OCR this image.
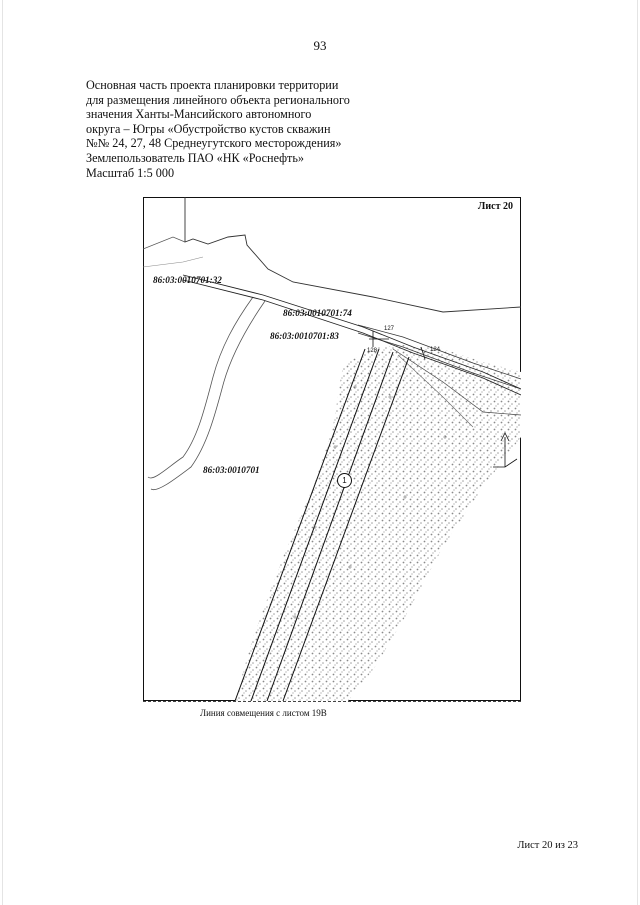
93
Основная часть проекта планировки территории
для размещения линейного объекта регионального
значения Ханты-Мансийского автономного
округа – Югры «Обустройство кустов скважин
№№ 24, 27, 48 Среднеугутского месторождения»
Землепользователь ПАО «НК «Роснефть»
Масштаб 1:5 000
Лист 20
86:03:0010701:32
86:03:0010701:74
86:03:0010701:83
86:03:0010701
127
128	124
1
Линия совмещения с листом 19В
Лист 20 из 23
